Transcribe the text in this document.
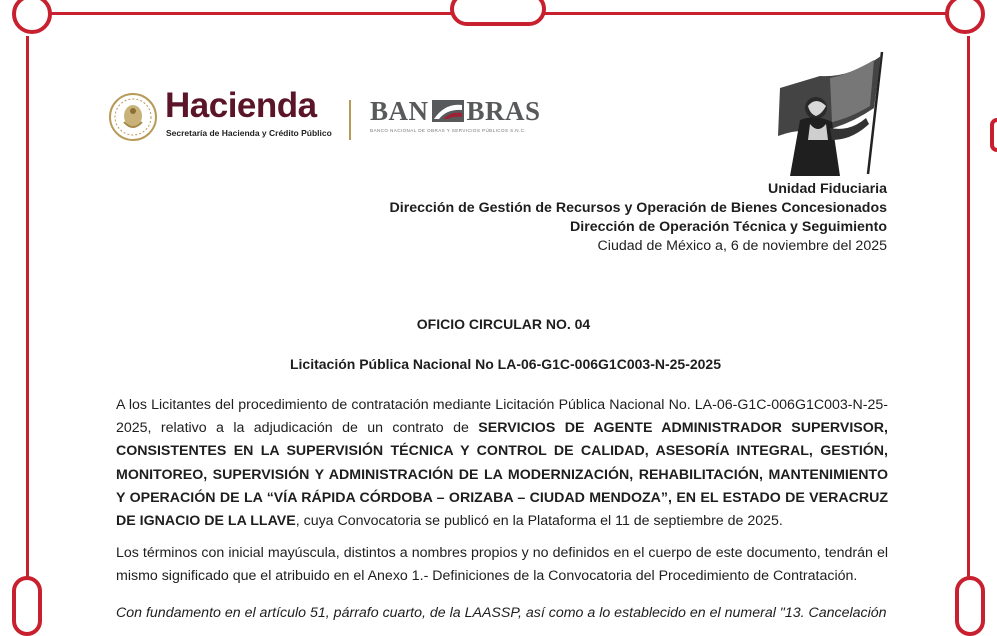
Hacienda
Secretaría de Hacienda y Crédito Público
BAN BRAS
BANCO NACIONAL DE OBRAS Y SERVICIOS PÚBLICOS S.N.C.
Unidad Fiduciaria
Dirección de Gestión de Recursos y Operación de Bienes Concesionados
Dirección de Operación Técnica y Seguimiento
Ciudad de México a, 6 de noviembre del 2025
OFICIO CIRCULAR NO. 04
Licitación Pública Nacional No LA-06-G1C-006G1C003-N-25-2025
A los Licitantes del procedimiento de contratación mediante Licitación Pública Nacional No. LA-06-G1C-006G1C003-N-25-2025, relativo a la adjudicación de un contrato de SERVICIOS DE AGENTE ADMINISTRADOR SUPERVISOR, CONSISTENTES EN LA SUPERVISIÓN TÉCNICA Y CONTROL DE CALIDAD, ASESORÍA INTEGRAL, GESTIÓN, MONITOREO, SUPERVISIÓN Y ADMINISTRACIÓN DE LA MODERNIZACIÓN, REHABILITACIÓN, MANTENIMIENTO Y OPERACIÓN DE LA “VÍA RÁPIDA CÓRDOBA – ORIZABA – CIUDAD MENDOZA”, EN EL ESTADO DE VERACRUZ DE IGNACIO DE LA LLAVE, cuya Convocatoria se publicó en la Plataforma el 11 de septiembre de 2025.
Los términos con inicial mayúscula, distintos a nombres propios y no definidos en el cuerpo de este documento, tendrán el mismo significado que el atribuido en el Anexo 1.- Definiciones de la Convocatoria del Procedimiento de Contratación.
Con fundamento en el artículo 51, párrafo cuarto, de la LAASSP, así como a lo establecido en el numeral "13. Cancelación
